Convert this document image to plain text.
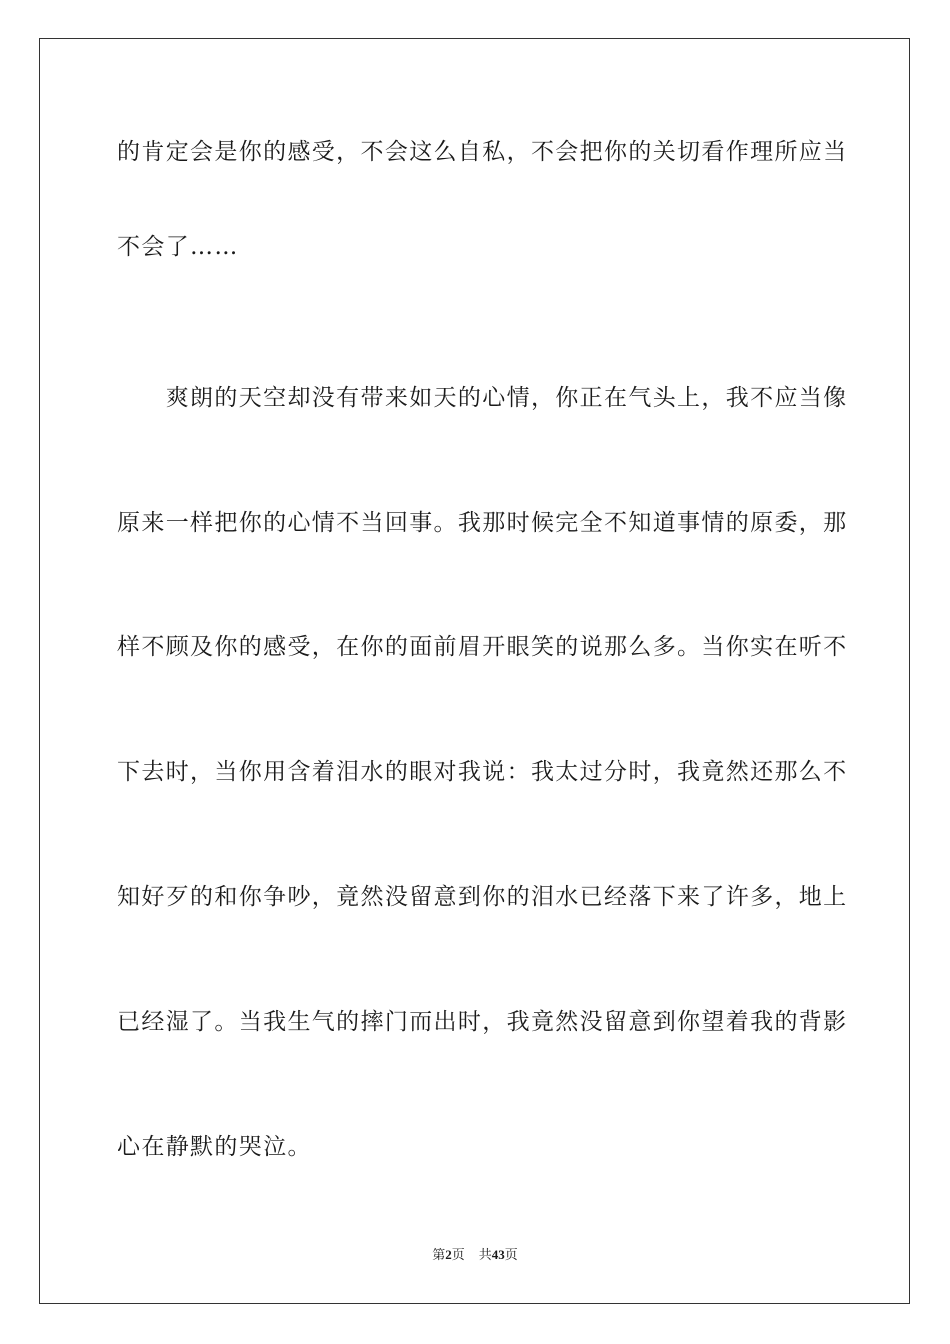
的肯定会是你的感受，不会这么自私，不会把你的关切看作理所应当
不会了……
　　爽朗的天空却没有带来如天的心情，你正在气头上，我不应当像
原来一样把你的心情不当回事。我那时候完全不知道事情的原委，那
样不顾及你的感受，在你的面前眉开眼笑的说那么多。当你实在听不
下去时，当你用含着泪水的眼对我说：我太过分时，我竟然还那么不
知好歹的和你争吵，竟然没留意到你的泪水已经落下来了许多，地上
已经湿了。当我生气的摔门而出时，我竟然没留意到你望着我的背影
心在静默的哭泣。
第2页 共43页
